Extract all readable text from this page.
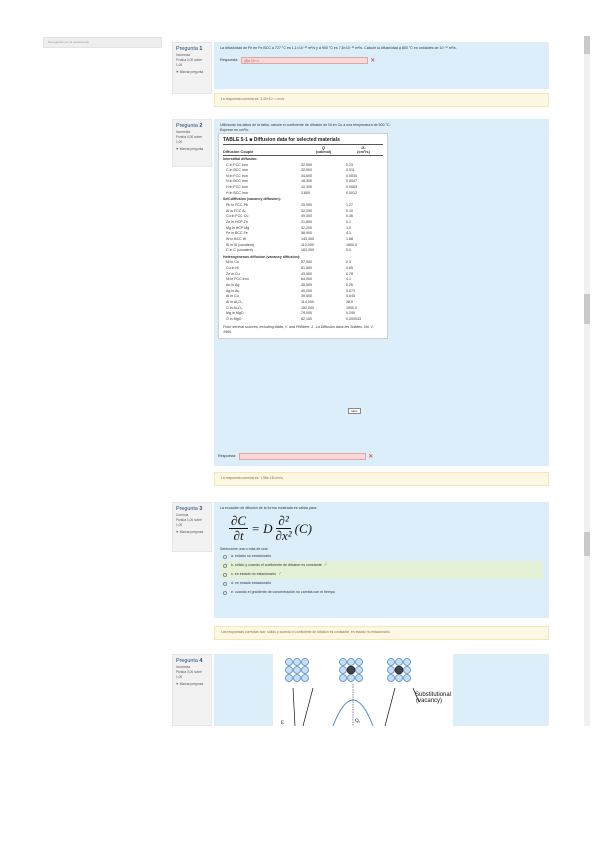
Navegación por el cuestionario
Pregunta 1
Incorrecta
Puntúa 0,00 sobre 1,00
⚑ Marcar pregunta
La difusividad de Fe en Fe BCC a 727 °C es 1,1×10⁻¹¹ m²/s y a 900 °C es 7,8×10⁻¹¹ m²/s. Calcule la difusividad a 800 °C en unidades de 10⁻¹¹ m²/s.
Respuesta:	(8)x 10⁻¹¹	✕
La respuesta correcta es: 3,45×10⁻¹¹ m²/s
Pregunta 2
Incorrecta
Puntúa 0,00 sobre 1,00
⚑ Marcar pregunta
Utilizando los datos de la tabla, calcule el coeficiente de difusión de Ni en Cu a una temperatura de 500 °C.
Exprese en cm²/s.
Respuesta:	✕
TABLE 5-1 ■ Diffusion data for selected materials
Diffusion Couple
Q
(cal/mol)
D₀
(cm²/s)
Interstitial diffusion:
C in FCC iron	32,900	0.23
C in BCC iron	20,900	0.011
N in FCC iron	34,600	0.0034
N in BCC iron	18,300	0.0047
H in FCC iron	10,300	0.0063
H in BCC iron	3,600	0.0012
Self-diffusion (vacancy diffusion):
Pb in FCC Pb	25,900	1.27
Al in FCC Al	32,200	0.10
Cu in FCC Cu	49,300	0.36
Zn in HCP Zn	21,800	0.1
Mg in HCP Mg	32,200	1.0
Fe in BCC Fe	58,900	4.1
W in BCC W	143,300	1.88
Si in Si (covalent)	110,000	1800.0
C in C (covalent)	163,000	5.0
Heterogeneous diffusion (vacancy diffusion):
Ni in Cu	57,900	2.3
Cu in Ni	61,500	0.65
Zn in Cu	43,900	0.78
Ni in FCC iron	64,000	4.1
Au in Ag	45,500	0.26
Ag in Au	40,200	0.072
Al in Cu	39,500	0.045
Al in Al₂O₃	114,000	28.0
O in Al₂O₃	152,000	1900.0
Mg in MgO	79,000	0.249
O in MgO	82,100	0.000043
From several sources, including Adda, Y. and Philibert, J., La Diffusion dans les Solides, Vol. 2, 1966.
table
La respuesta correcta es: 1,98e-18 cm²/s
Pregunta 3
Correcta
Puntúa 1,00 sobre 1,00
⚑ Marcar pregunta
La ecuación de difusión de la forma mostrada es válida para:
$\frac{\partial C}{\partial t} = D \frac{\text{∂²}}{\text{∂x²}} (C)$
Seleccione una o más de una:
a. estado no estacionario
b. sólido y cuando el coeficiente de difusión es constante ✓
c. en estado no estacionario ✓
d. en estado estacionario
e. cuando el gradiente de concentración no cambia con el tiempo
Las respuestas correctas son: sólido y cuando el coeficiente de difusión es constante, en estado no estacionario
Pregunta 4
Incorrecta
Puntúa 0,00 sobre 1,00
⚑ Marcar pregunta
Substitutional
(vacancy)
Qᵥ
E
